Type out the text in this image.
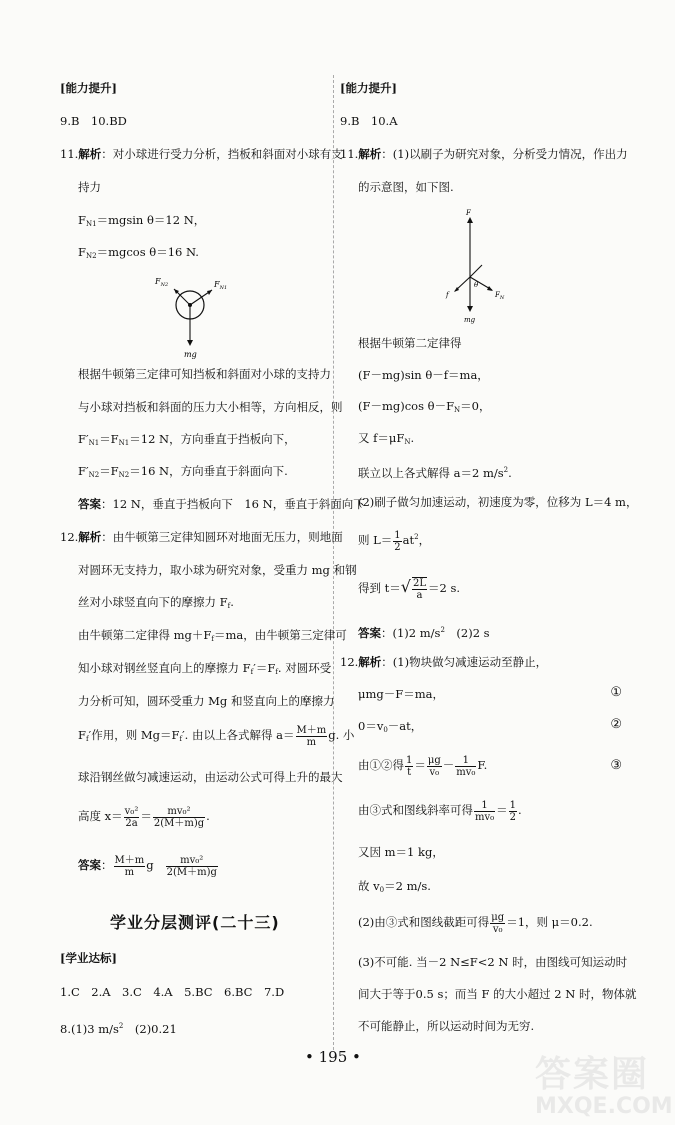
[能力提升]
9.B　10.BD
11.解析：对小球进行受力分析，挡板和斜面对小球有支
持力
$F_{N1}=mgsin$ θ＝12 N，
$F_{N2}=mgcos$ θ＝16 N.
$F_{N2}$	$F_{N1}$
mg
根据牛顿第三定律可知挡板和斜面对小球的支持力
与小球对挡板和斜面的压力大小相等，方向相反，则
$F'_{N1}=F_{N1}=12$ N，方向垂直于挡板向下，
$F'_{N2}=F_{N2}=16$ N，方向垂直于斜面向下.
答案：12 N，垂直于挡板向下　16 N，垂直于斜面向下
12.解析：由牛顿第三定律知圆环对地面无压力，则地面
对圆环无支持力，取小球为研究对象，受重力 mg 和钢
丝对小球竖直向下的摩擦力 $F_f$.
由牛顿第二定律得 $mg+F_f=ma$，由牛顿第三定律可
知小球对钢丝竖直向上的摩擦力 $F_f'=F_f$. 对圆环受
力分析可知，圆环受重力 Mg 和竖直向上的摩擦力
$F_f'$作用，则 $Mg=F_f'$. 由以上各式解得 $a= \frac{M+m}{m} g$. 小
球沿钢丝做匀减速运动，由运动公式可得上升的最大
高度 $x= \frac{\text{v₀²}}{2a} = \frac{\text{mv₀²}}{2(M+m)g}$ .
答案： $\frac{M+m}{m}$ g $\frac{\text{mv₀²}}{2(M+m)g}$
[学业达标]
1.C　2.A　3.C　4.A　5.BC　6.BC　7.D
8.(1)3 $m/s^2$　(2)0.21
学业分层测评(二十三)
[能力提升]
9.B　10.A
11.解析：(1)以刷子为研究对象，分析受力情况，作出力
的示意图，如下图.
F
θ
f	$F_N$
mg
根据牛顿第二定律得
(F－mg)sin θ－f＝ma，
(F－mg)cos $\theta-F_N=0$，
又 $f=\mu F_N$.
联立以上各式解得 a＝2 $m/s^2$.
(2)刷子做匀加速运动，初速度为零，位移为 L＝4 m，
则 $L= \frac{1}{2} at^2$，
得到 $t=√ \frac{2L}{a} =2$ s.
答案：(1)2 $m/s^2$　(2)2 s
12.解析：(1)物块做匀减速运动至静止，
μmg－F＝ma，	①
$0=v_0-at$，	②
由①②得 $\frac{1}{t} = \frac{\mu g}{\text{v₀}} - \frac{1}{\text{mv₀}} F$.	③
由③式和图线斜率可得 $\frac{1}{\text{mv₀}} = \frac{1}{2}$ .
又因 m＝1 kg，
故 $v_0=2$ m/s.
(2)由③式和图线截距可得 $\frac{\mu g}{\text{v₀}} =1$，则 μ＝0.2.
(3)不可能. 当－2 N≤F<2 N 时，由图线可知运动时
间大于等于0.5 s；而当 F 的大小超过 2 N 时，物体就
不可能静止，所以运动时间为无穷.
• 195 •	答案圈
MXQE.COM
